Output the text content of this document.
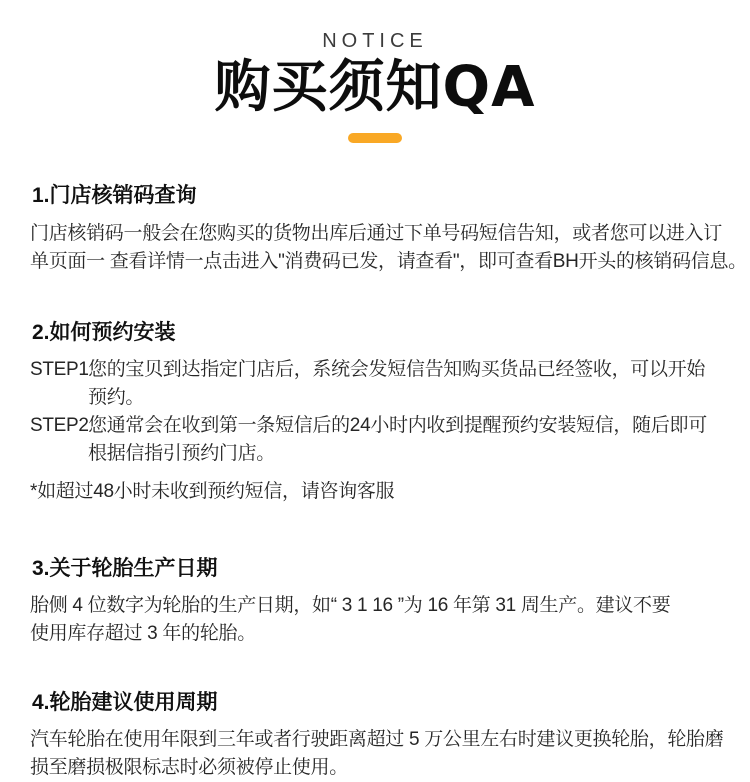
NOTICE
购买须知QA
1.门店核销码查询

门店核销码一般会在您购买的货物出库后通过下单号码短信告知，或者您可以进入订
单页面一 查看详情一点击进入"消费码已发，请查看"，即可查看BH开头的核销码信息。

2.如何预约安装
STEP1 您的宝贝到达指定门店后，系统会发短信告知购买货品已经签收，可以开始
预约。
STEP2 您通常会在收到第一条短信后的24小时内收到提醒预约安装短信，随后即可
根据信指引预约门店。

*如超过48小时未收到预约短信，请咨询客服

3.关于轮胎生产日期

胎侧 4 位数字为轮胎的生产日期，如“ 3 1 16 ”为 16 年第 31 周生产。建议不要
使用库存超过 3 年的轮胎。

4.轮胎建议使用周期

汽车轮胎在使用年限到三年或者行驶距离超过 5 万公里左右时建议更换轮胎，轮胎磨
损至磨损极限标志时必须被停止使用。
